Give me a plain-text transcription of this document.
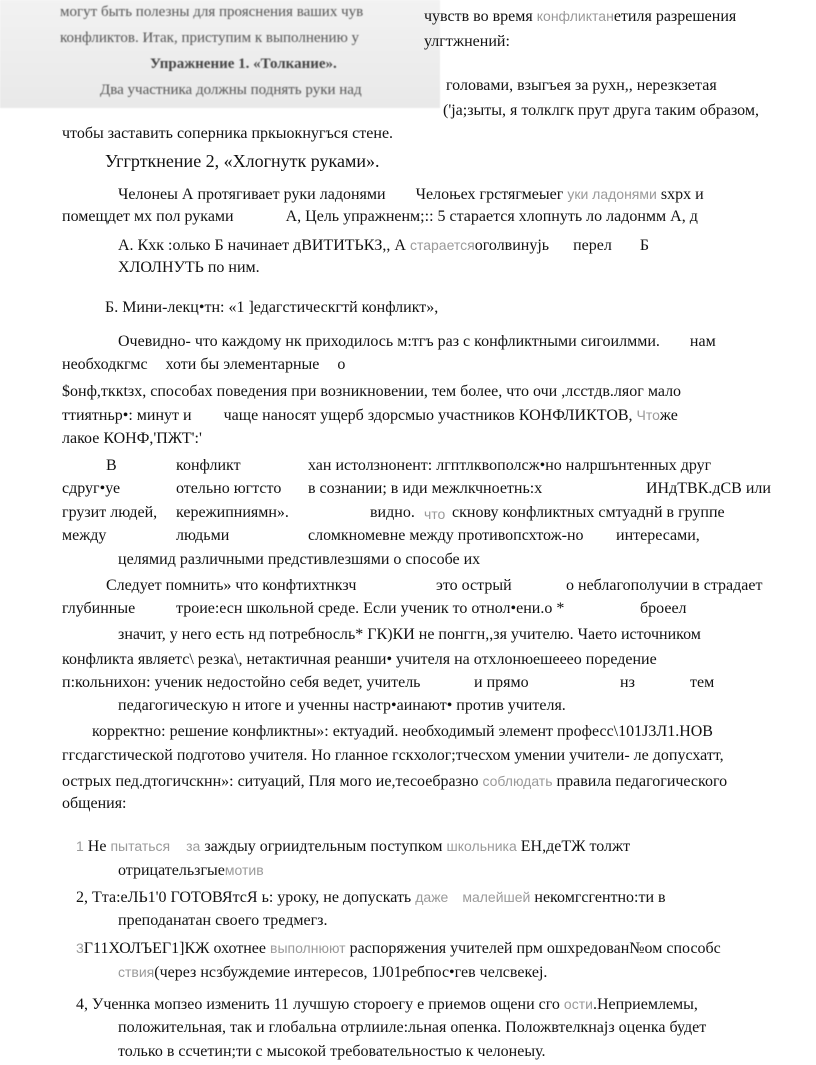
могут быть полезны для прояснения ваших чув
конфликтов. Итак, приступим к выполнению у
Упражнение 1. «Толкание».
Два участника должны поднять руки над
чувств во время конфликтанетиля разрешения
улгтжнений:
головами, взыгъея за рухн,, нерезкзетая
('ја;зыты, я толклгк прут друга таким образом,
чтобы заставить соперника пркыокнугъся стене.
Уггрткнение 2, «Хлогнутк руками».
Челонеы А протягивает руки ладонями Челоњех грстягмеыег уки ладонями sхрх и
помещдет мх пол руками	А, Цель упражненм;:: 5 старается хлопнуть ло ладонмм А, д
А. Кхк :олько Б начинает дВИТИТЬКЗ,, А стараетсяоголвинујь перел Б
ХЛОЛНУТЬ по ним.
Б. Мини-лекц•тн: «1 ]едагстическгтй конфликт»,
Очевидно- что каждому нк приходилось м:тгъ раз с конфликтными сигоилмми. нам
необходкгмс хоти бы элементарные о
$онф,тккtзх, способах поведения при возникновении, тем более, что очи ,лсстдв.ляог мало
ттиятньр•: минут и чаще наносят ущерб здорсмыо участников КОНФЛИКТОВ, Чтоже
лакое КОНФ,'ПЖТ':'
В	конфликт	хан истолзнонент: лгптлквополсж•но налршънтенных друг
сдруг•уе	отельно югтсто в сознании; в иди межлкчноетнь:х	ИНдТВК.дСВ или
грузит людей, кережипниямн».	видно. что скнову конфликтных смтуаднй в группе
между	людьми	сломкномевне между противопсхтож-но интересами,
целямид различными предстивлезшями о способе их
Следует помнить» что конфтихтнкзч	это острый	о неблагополучии в страдает
глубинные	троие:есн школьной среде. Если ученик то отнол•ени.о *	броеел
значит, у него есть нд потребносль* ГК)КИ не понггн,,зя учителю. Чаето источником
конфликта являетс\ резка\, нетактичная реанши• учителя на отхлонюешееео поредение
п:кольнихон: ученик недостойно себя ведет, учитель	и прямо	нз	тем
педагогическую н итоге и ученны настр•аинают• против учителя.
корректно: решение конфликтны»: ектуадий. необходимый элемент професс\101Ј3Л1.НОВ
ггсдагстической подготово учителя. Но гланное гскхолог;тчесхом умении учители- ле допусхатт,
острых пед.дтогичскнн»: ситуаций, Пля мого ие,тесоебразно соблюдать правила педагогического
общения:
1 Не пытаться за заждыу огриидтельным поступком школьника ЕН,деТЖ толжт
отрицательзгыемотив
2, Тта:еЛЬ1'0 ГОТОВЯтсЯ ь: уроку, не допускать даже малейшей некомгсгентно:ти в
преподанатан своего тредмегз.
3Г11ХОЛЪЕГ1]КЖ охотнее выполнюют распоряжения учителей прм ошхредован№ом способс
ствия(через нсзбуждемие интересов, 1Ј01ребпос•гев челсвекеј.
4, Ученнка мопзео изменить 11 лучшую стороегу е приемов ощени сго ости.Неприемлемы,
положительная, так и глобальна отрлииле:льная опенка. Положвтелкнајз оценка будет
только в ссчетин;ти с мысокой требовательностыо к челонеыу.
